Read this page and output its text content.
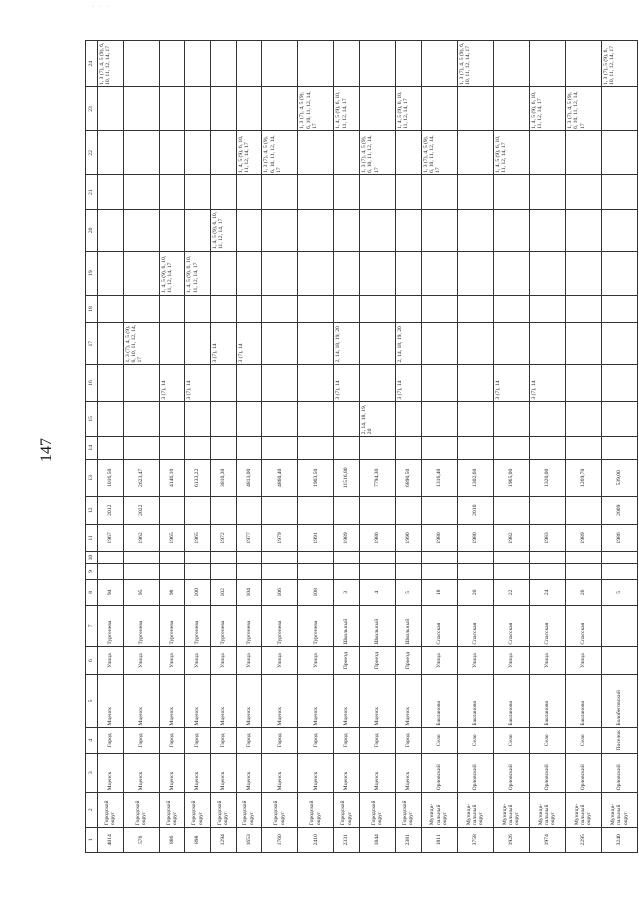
· · ·
147
1	2	3	4	5	6	7	8	9	10	11	12	13	14	15	16	17	18	19	20	21	22	23	24
4014	Городской округ	Мценск	Город	Мценск	Улица	Тургенева	94			1967	2012	1016,50											1, 3 (7), 4, 5 (9), 6, 10, 11, 12, 14, 17
576	Городской округ	Мценск	Город	Мценск	Улица	Тургенева	95			1962	2022	2623,47				1, 3 (7), 4, 5 (9), 6, 10, 11, 12, 14, 17							
886	Городской округ	Мценск	Город	Мценск	Улица	Тургенева	98			1965		4146,10			3 (7), 14			1, 4, 5 (9), 6, 10, 11, 12, 14, 17					
898	Городской округ	Мценск	Город	Мценск	Улица	Тургенева	100			1965		6133,22			3 (7), 14			1, 4, 5 (9), 6, 10, 11, 12, 14, 17					
1294	Городской округ	Мценск	Город	Мценск	Улица	Тургенева	102			1972		3810,30				3 (7), 14			1, 4, 5 (9), 6, 10, 11, 12, 14, 17				
1653	Городской округ	Мценск	Город	Мценск	Улица	Тургенева	104			1977		4813,00				3 (7), 14					1, 4, 5 (9), 6, 10, 11, 12, 14, 17		
1760	Городской округ	Мценск	Город	Мценск	Улица	Тургенева	106			1979		4860,40									1, 3 (7), 4, 5 (9), 6, 10, 11, 12, 14, 17		
2410	Городской округ	Мценск	Город	Мценск	Улица	Тургенева	108			1991		1903,50										1, 3 (7), 4, 5 (9), 6, 10, 11, 12, 14, 17	
2331	Городской округ	Мценск	Город	Мценск	Проезд	Школьный	3			1989		11516,80			3 (7), 14	2, 14, 18, 19, 20						1, 4, 5 (9), 6, 10, 11, 12, 14, 17	
1844	Городской округ	Мценск	Город	Мценск	Проезд	Школьный	4			1980		7794,30		2, 14, 18, 19, 20							1, 3 (7), 4, 5 (9), 6, 10, 11, 12, 14, 17		
2381	Городской округ	Мценск	Город	Мценск	Проезд	Школьный	5			1990		6890,50			3 (7), 14	2, 14, 18, 19, 20						1, 4, 5 (9), 6, 10, 11, 12, 14, 17	
1811	Муници-пальный округ	Орловский	Село	Бакланово	Улица	Спасская	18			1980		1316,40									1, 3 (7), 4, 5 (9), 6, 10, 11, 12, 14, 17		
3758	Муници-пальный округ	Орловский	Село	Бакланово	Улица	Спасская	20			1980	2010	1302,60											1, 3 (7), 4, 5 (9), 6, 10, 11, 12, 14, 17
1926	Муници-пальный округ	Орловский	Село	Бакланово	Улица	Спасская	22			1982		1965,00			3 (7), 14						1, 4, 5 (9), 6, 10, 11, 12, 14, 17		
1974	Муници-пальный округ	Орловский	Село	Бакланово	Улица	Спасская	24			1983		1320,00			3 (7), 14							1, 4, 5 (9), 6, 10, 11, 12, 14, 17	
2295	Муници-пальный округ	Орловский	Село	Бакланово	Улица	Спасская	26			1989		1269,70										1, 3 (7), 4, 5 (9), 6, 10, 11, 12, 14, 17	
3240	Муници-пальный округ	Орловский	Поселок	Болобеговский			5			1986	2009	539,00											1, 3 (7), 5 (9), 6, 10, 11, 12, 14, 17
